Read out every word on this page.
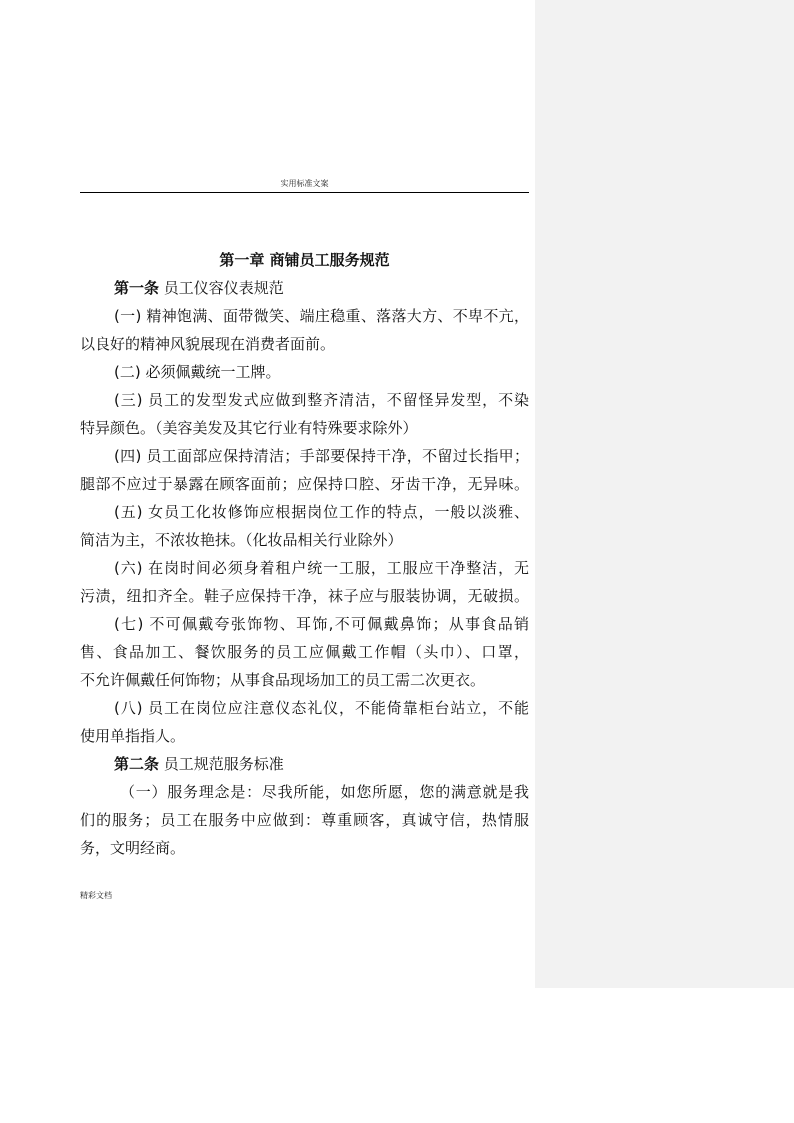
实用标准文案
第一章 商铺员工服务规范
第一条 员工仪容仪表规范
(一) 精神饱满、面带微笑、端庄稳重、落落大方、不卑不亢，
以良好的精神风貌展现在消费者面前。
(二) 必须佩戴统一工牌。
(三) 员工的发型发式应做到整齐清洁，不留怪异发型，不染
特异颜色。（美容美发及其它行业有特殊要求除外）
(四) 员工面部应保持清洁；手部要保持干净，不留过长指甲；
腿部不应过于暴露在顾客面前；应保持口腔、牙齿干净，无异味。
(五) 女员工化妆修饰应根据岗位工作的特点，一般以淡雅、
简洁为主，不浓妆艳抹。（化妆品相关行业除外）
(六) 在岗时间必须身着租户统一工服，工服应干净整洁，无
污渍，纽扣齐全。鞋子应保持干净，袜子应与服装协调，无破损。
(七) 不可佩戴夸张饰物、耳饰,不可佩戴鼻饰；从事食品销
售、食品加工、餐饮服务的员工应佩戴工作帽（头巾）、口罩，
不允许佩戴任何饰物；从事食品现场加工的员工需二次更衣。
(八) 员工在岗位应注意仪态礼仪，不能倚靠柜台站立，不能
使用单指指人。
第二条 员工规范服务标准
（一）服务理念是：尽我所能，如您所愿，您的满意就是我
们的服务；员工在服务中应做到：尊重顾客，真诚守信，热情服
务，文明经商。
精彩文档
